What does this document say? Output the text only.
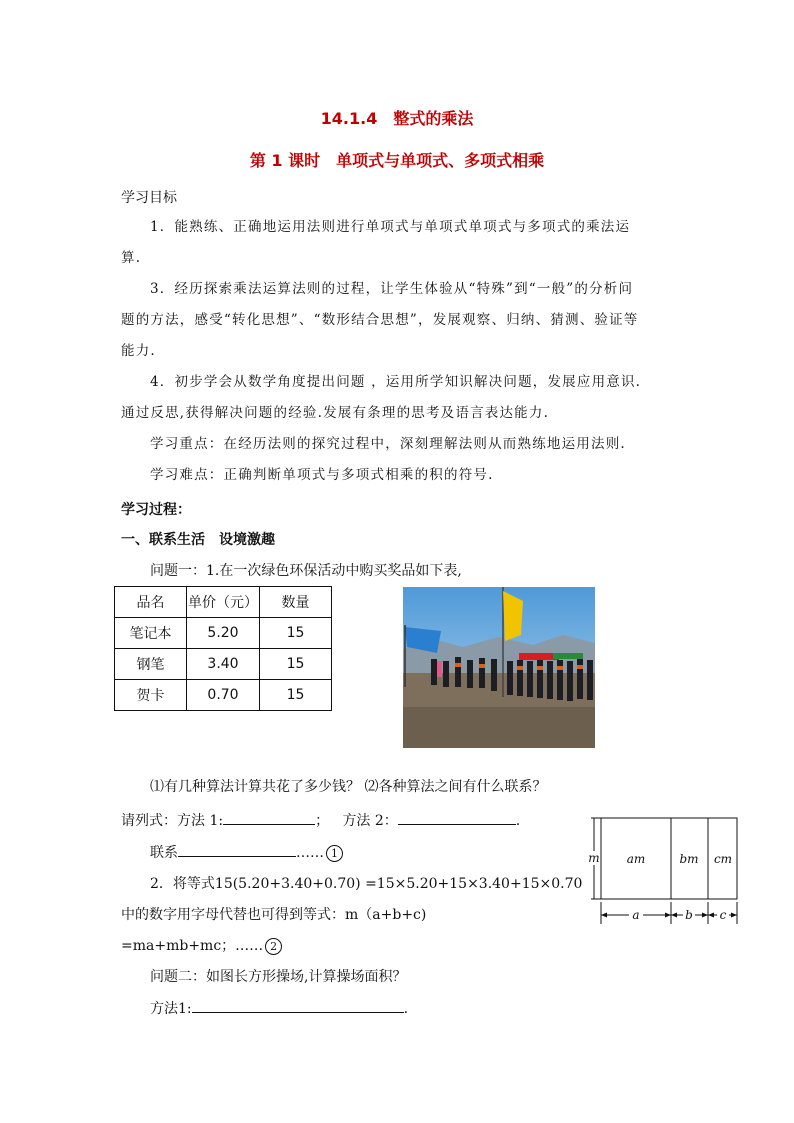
14.1.4　整式的乘法
第 1 课时　单项式与单项式、多项式相乘
学习目标
1．能熟练、正确地运用法则进行单项式与单项式单项式与多项式的乘法运
算.
3．经历探索乘法运算法则的过程，让学生体验从“特殊”到“一般”的分析问
题的方法，感受“转化思想”、“数形结合思想”，发展观察、归纳、猜测、验证等
能力.
4．初步学会从数学角度提出问题 ，运用所学知识解决问题，发展应用意识.
通过反思,获得解决问题的经验.发展有条理的思考及语言表达能力.
学习重点：在经历法则的探究过程中，深刻理解法则从而熟练地运用法则.
学习难点：正确判断单项式与多项式相乘的积的符号.
学习过程：
一、联系生活　设境激趣
问题一：1.在一次绿色环保活动中购买奖品如下表,
品名	单价（元）	数量
笔记本	5.20	15
钢笔	3.40	15
贺卡	0.70	15
⑴有几种算法计算共花了多少钱？ ⑵各种算法之间有什么联系？
请列式：方法 1:	； 方法 2：	.
联系	…… 1
2．将等式15(5.20+3.40+0.70) =15×5.20+15×3.40+15×0.70
中的数字用字母代替也可得到等式：m（a+b+c)
=ma+mb+mc；…… 2
问题二：如图长方形操场,计算操场面积？
方法1:	.
m am	bm cm
a	b c
